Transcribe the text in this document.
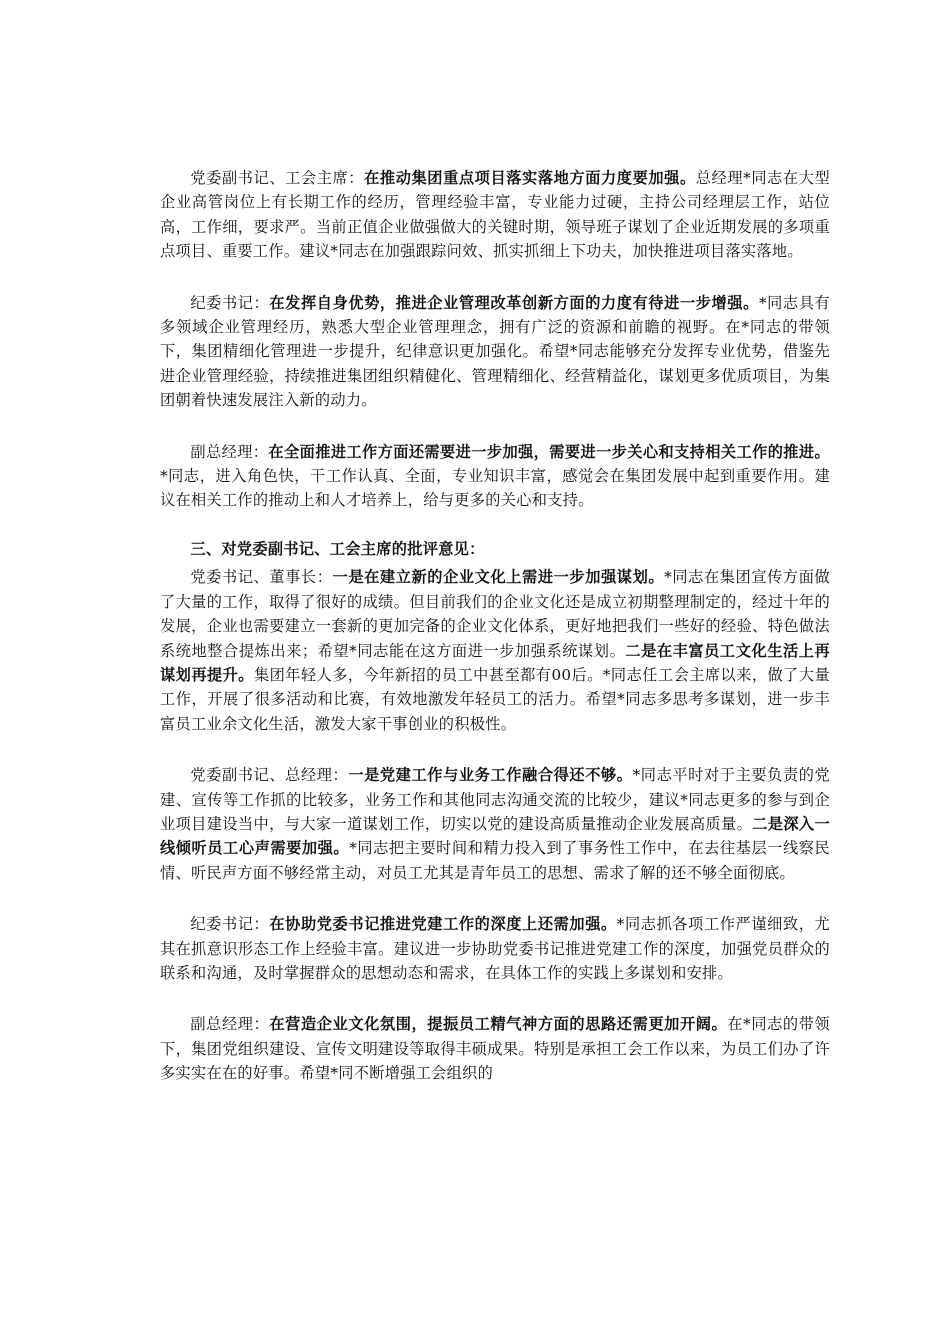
党委副书记、工会主席：在推动集团重点项目落实落地方面力度要加强。总经理*同志在大型企业高管岗位上有长期工作的经历，管理经验丰富，专业能力过硬，主持公司经理层工作，站位高，工作细，要求严。当前正值企业做强做大的关键时期，领导班子谋划了企业近期发展的多项重点项目、重要工作。建议*同志在加强跟踪问效、抓实抓细上下功夫，加快推进项目落实落地。

纪委书记：在发挥自身优势，推进企业管理改革创新方面的力度有待进一步增强。*同志具有多领域企业管理经历，熟悉大型企业管理理念，拥有广泛的资源和前瞻的视野。在*同志的带领下，集团精细化管理进一步提升，纪律意识更加强化。希望*同志能够充分发挥专业优势，借鉴先进企业管理经验，持续推进集团组织精健化、管理精细化、经营精益化，谋划更多优质项目，为集团朝着快速发展注入新的动力。

副总经理：在全面推进工作方面还需要进一步加强，需要进一步关心和支持相关工作的推进。*同志，进入角色快，干工作认真、全面，专业知识丰富，感觉会在集团发展中起到重要作用。建议在相关工作的推动上和人才培养上，给与更多的关心和支持。

三、对党委副书记、工会主席的批评意见：

党委书记、董事长：一是在建立新的企业文化上需进一步加强谋划。*同志在集团宣传方面做了大量的工作，取得了很好的成绩。但目前我们的企业文化还是成立初期整理制定的，经过十年的发展，企业也需要建立一套新的更加完备的企业文化体系，更好地把我们一些好的经验、特色做法系统地整合提炼出来；希望*同志能在这方面进一步加强系统谋划。二是在丰富员工文化生活上再谋划再提升。集团年轻人多，今年新招的员工中甚至都有00后。*同志任工会主席以来，做了大量工作，开展了很多活动和比赛，有效地激发年轻员工的活力。希望*同志多思考多谋划，进一步丰富员工业余文化生活，激发大家干事创业的积极性。

党委副书记、总经理：一是党建工作与业务工作融合得还不够。*同志平时对于主要负责的党建、宣传等工作抓的比较多，业务工作和其他同志沟通交流的比较少，建议*同志更多的参与到企业项目建设当中，与大家一道谋划工作，切实以党的建设高质量推动企业发展高质量。二是深入一线倾听员工心声需要加强。*同志把主要时间和精力投入到了事务性工作中，在去往基层一线察民情、听民声方面不够经常主动，对员工尤其是青年员工的思想、需求了解的还不够全面彻底。

纪委书记：在协助党委书记推进党建工作的深度上还需加强。*同志抓各项工作严谨细致，尤其在抓意识形态工作上经验丰富。建议进一步协助党委书记推进党建工作的深度，加强党员群众的联系和沟通，及时掌握群众的思想动态和需求，在具体工作的实践上多谋划和安排。

副总经理：在营造企业文化氛围，提振员工精气神方面的思路还需更加开阔。在*同志的带领下，集团党组织建设、宣传文明建设等取得丰硕成果。特别是承担工会工作以来，为员工们办了许多实实在在的好事。希望*同不断增强工会组织的
